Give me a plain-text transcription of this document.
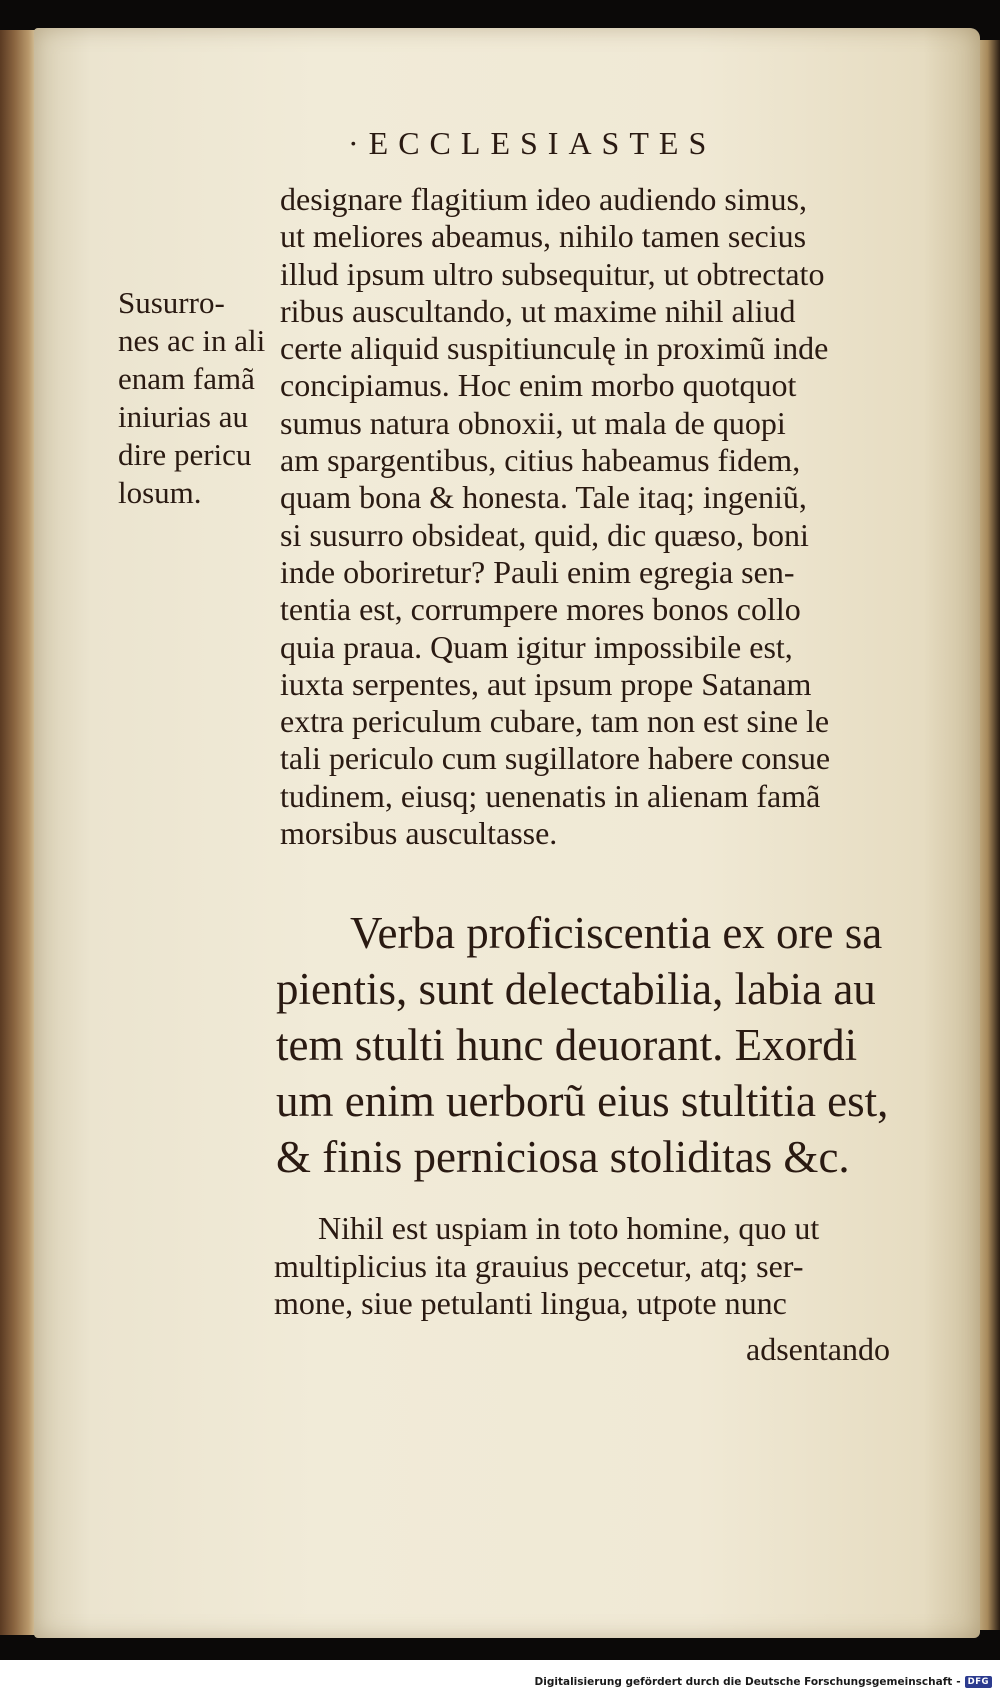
·ECCLESIASTES
Susurro-
nes ac in ali
enam famã
iniurias au
dire pericu
losum.
designare flagitium ideo audiendo simus,
ut meliores abeamus, nihilo tamen secius
illud ipsum ultro subsequitur, ut obtrectato
ribus auscultando, ut maxime nihil aliud
certe aliquid suspitiunculę in proximũ inde
concipiamus. Hoc enim morbo quotquot
sumus natura obnoxii, ut mala de quopi
am spargentibus, citius habeamus fidem,
quam bona & honesta. Tale itaq; ingeniũ,
si susurro obsideat, quid, dic quæso, boni
inde oboriretur? Pauli enim egregia sen-
tentia est, corrumpere mores bonos collo
quia praua. Quam igitur impossibile est,
iuxta serpentes, aut ipsum prope Satanam
extra periculum cubare, tam non est sine le
tali periculo cum sugillatore habere consue
tudinem, eiusq; uenenatis in alienam famã
morsibus auscultasse.
Verba proficiscentia ex ore sa
pientis, sunt delectabilia, labia au
tem stulti hunc deuorant. Exordi
um enim uerborũ eius stultitia est,
& finis perniciosa stoliditas &c.
Nihil est uspiam in toto homine, quo ut
multiplicius ita grauius peccetur, atq; ser-
mone, siue petulanti lingua, utpote nunc
adsentando
Digitalisierung gefördert durch die Deutsche Forschungsgemeinschaft - DFG
